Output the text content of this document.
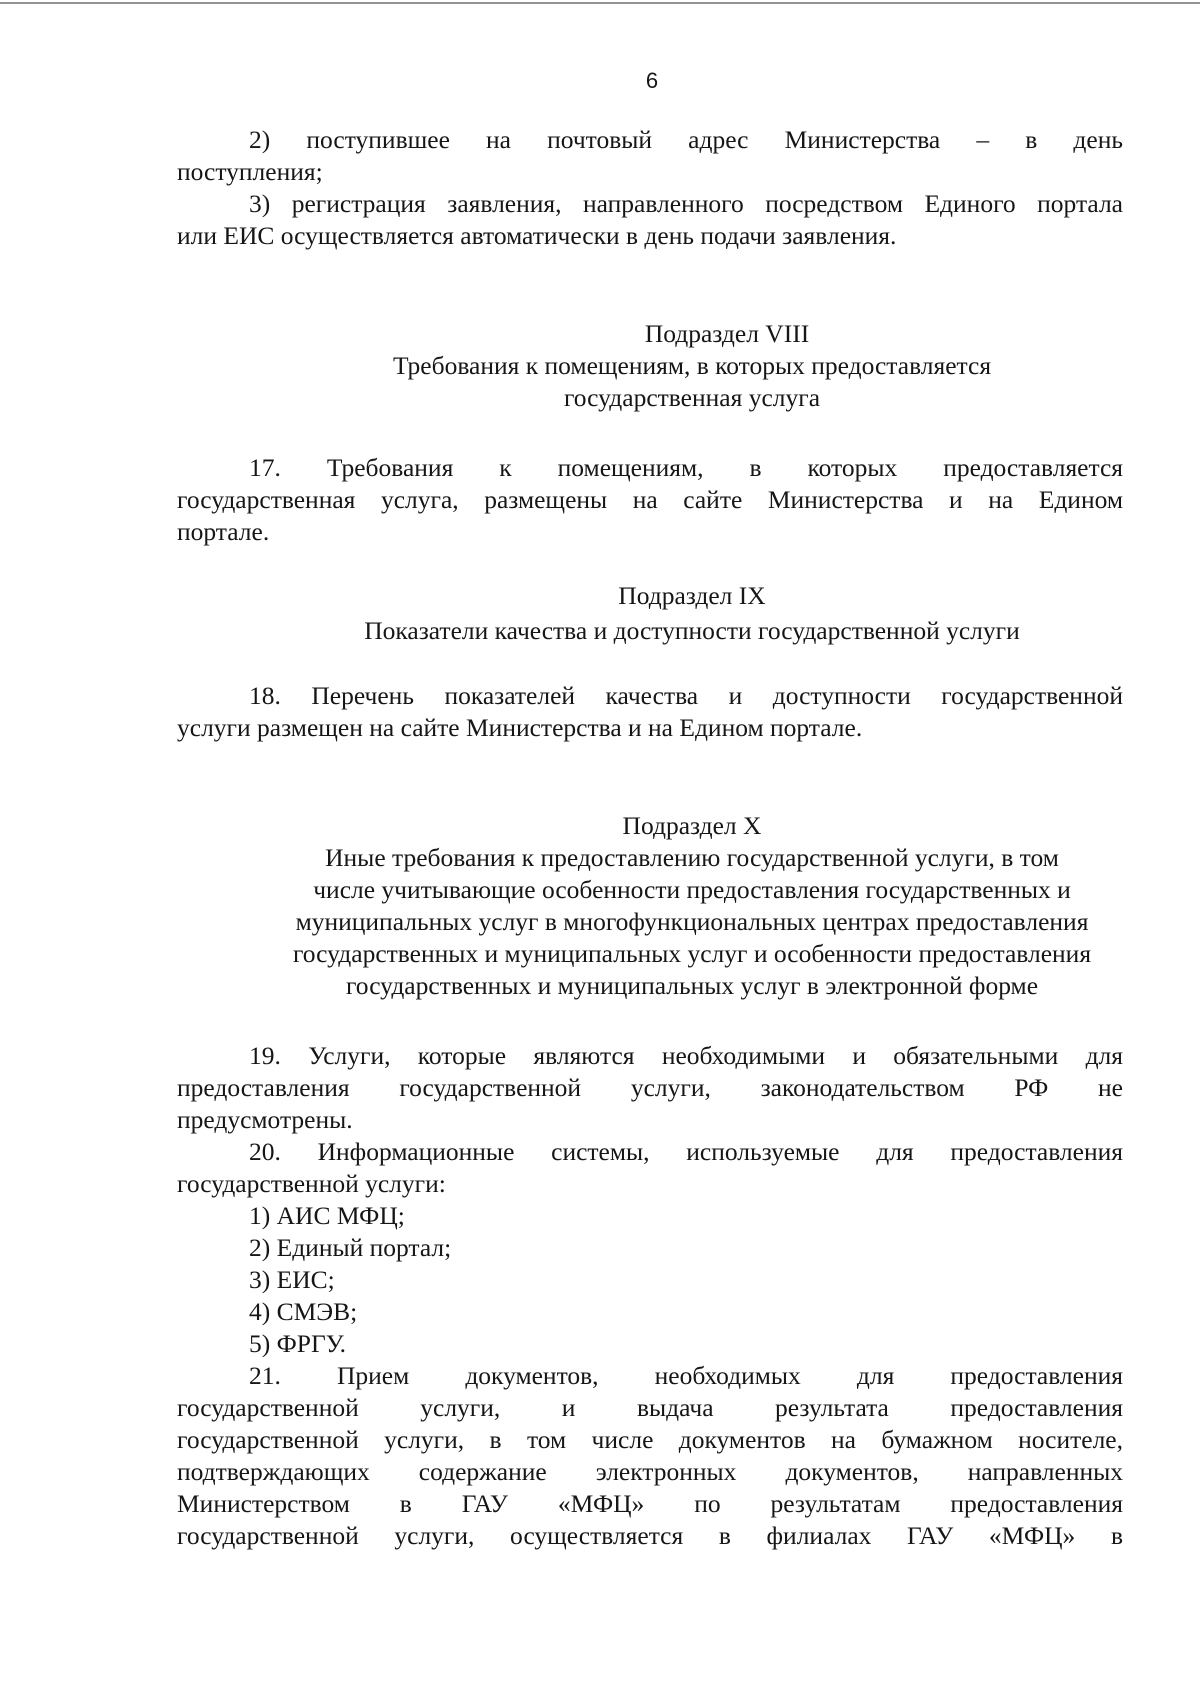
6
2) поступившее на почтовый адрес Министерства – в день
поступления;
3) регистрация заявления, направленного посредством Единого портала
или ЕИС осуществляется автоматически в день подачи заявления.
Подраздел VIII
Требования к помещениям, в которых предоставляется
государственная услуга
17. Требования к помещениям, в которых предоставляется
государственная услуга, размещены на сайте Министерства и на Едином
портале.
Подраздел IX
Показатели качества и доступности государственной услуги
18. Перечень показателей качества и доступности государственной
услуги размещен на сайте Министерства и на Едином портале.
Подраздел X
Иные требования к предоставлению государственной услуги, в том
числе учитывающие особенности предоставления государственных и
муниципальных услуг в многофункциональных центрах предоставления
государственных и муниципальных услуг и особенности предоставления
государственных и муниципальных услуг в электронной форме
19. Услуги, которые являются необходимыми и обязательными для
предоставления государственной услуги, законодательством РФ не
предусмотрены.
20. Информационные системы, используемые для предоставления
государственной услуги:
1) АИС МФЦ;
2) Единый портал;
3) ЕИС;
4) СМЭВ;
5) ФРГУ.
21. Прием документов, необходимых для предоставления
государственной услуги, и выдача результата предоставления
государственной услуги, в том числе документов на бумажном носителе,
подтверждающих содержание электронных документов, направленных
Министерством в ГАУ «МФЦ» по результатам предоставления
государственной услуги, осуществляется в филиалах ГАУ «МФЦ» в
